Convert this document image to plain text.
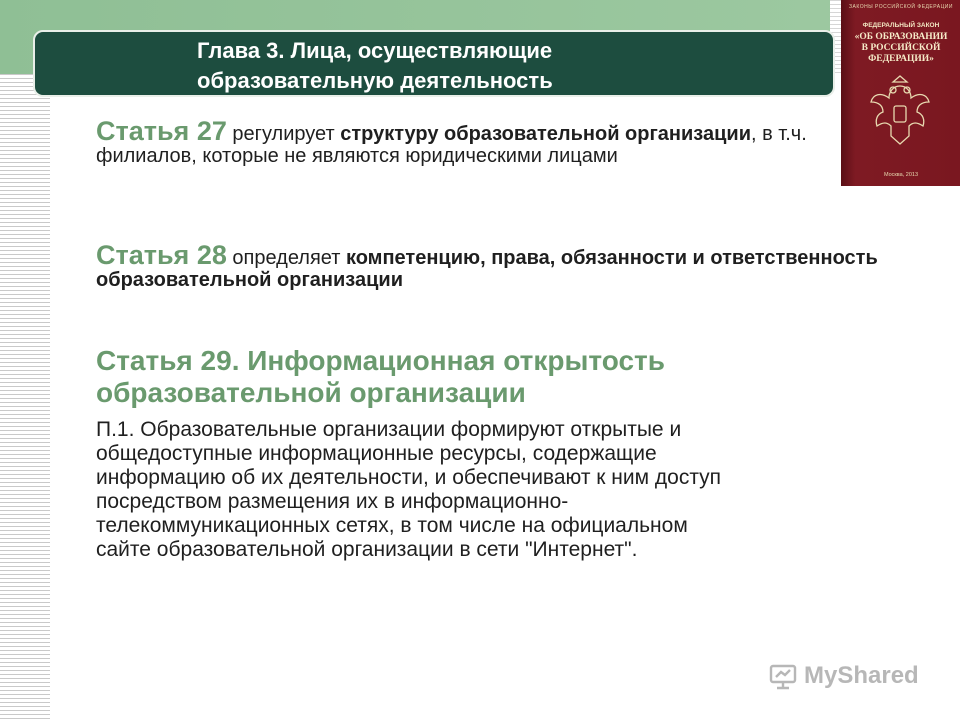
Глава 3. Лица, осуществляющие
образовательную деятельность
ЗАКОНЫ РОССИЙСКОЙ ФЕДЕРАЦИИ
ФЕДЕРАЛЬНЫЙ ЗАКОН
«ОБ ОБРАЗОВАНИИ
В РОССИЙСКОЙ
ФЕДЕРАЦИИ»
Москва, 2013
Статья 27 регулирует структуру образовательной организации, в т.ч. филиалов, которые не являются юридическими лицами
Статья 28 определяет компетенцию, права, обязанности и ответственность образовательной организации
Статья 29. Информационная открытость
образовательной организации
П.1. Образовательные организации формируют открытые и
общедоступные информационные ресурсы, содержащие
информацию об их деятельности, и обеспечивают к ним доступ
посредством размещения их в информационно-
телекоммуникационных сетях, в том числе на официальном
сайте образовательной организации в сети "Интернет".
MyShared
